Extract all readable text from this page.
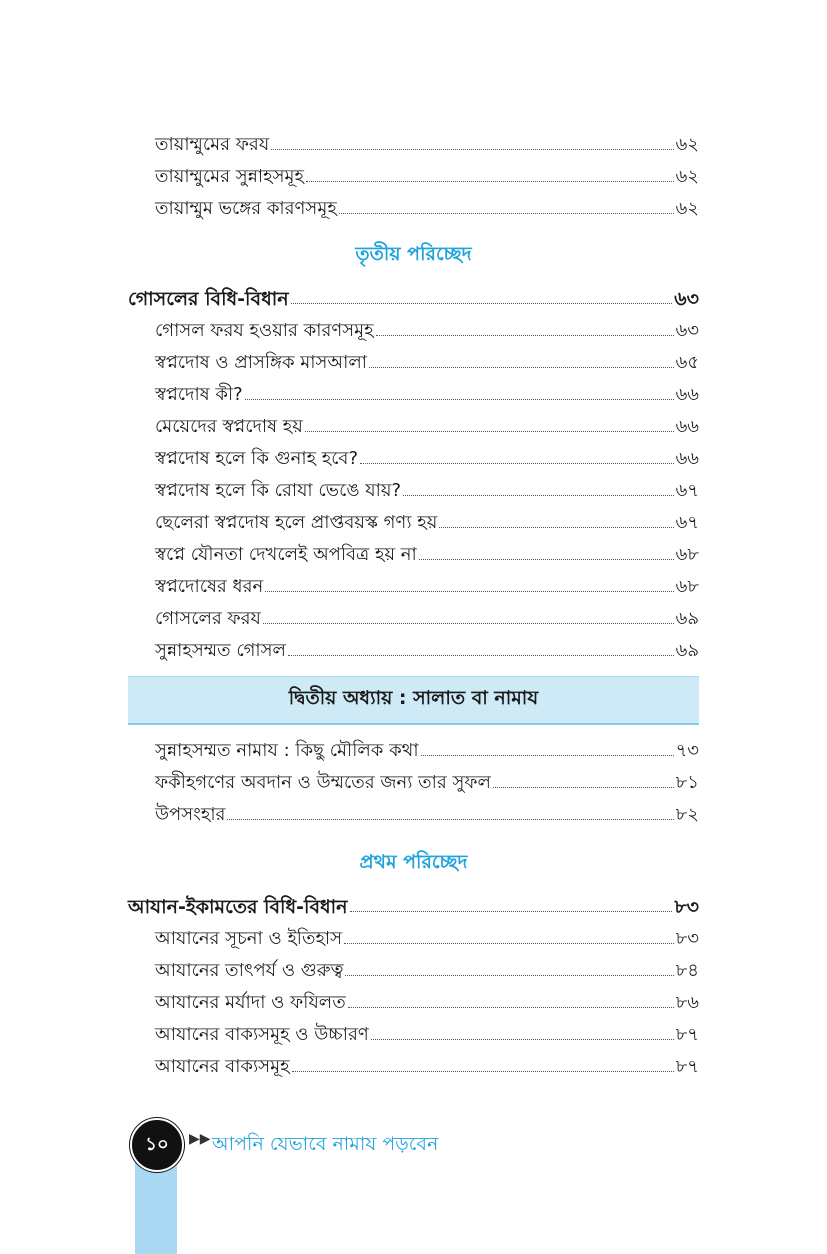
তায়াম্মুমের ফরয	৬২
তায়াম্মুমের সুন্নাহসমূহ	৬২
তায়াম্মুম ভঙ্গের কারণসমূহ	৬২
তৃতীয় পরিচ্ছেদ
গোসলের বিধি-বিধান	৬৩
গোসল ফরয হওয়ার কারণসমূহ	৬৩
স্বপ্নদোষ ও প্রাসঙ্গিক মাসআলা	৬৫
স্বপ্নদোষ কী?	৬৬
মেয়েদের স্বপ্নদোষ হয়	৬৬
স্বপ্নদোষ হলে কি গুনাহ হবে?	৬৬
স্বপ্নদোষ হলে কি রোযা ভেঙে যায়?	৬৭
ছেলেরা স্বপ্নদোষ হলে প্রাপ্তবয়স্ক গণ্য হয়	৬৭
স্বপ্নে যৌনতা দেখলেই অপবিত্র হয় না	৬৮
স্বপ্নদোষের ধরন	৬৮
গোসলের ফরয	৬৯
সুন্নাহসম্মত গোসল	৬৯
দ্বিতীয় অধ্যায় : সালাত বা নামায
সুন্নাহসম্মত নামায : কিছু মৌলিক কথা	৭৩
ফকীহগণের অবদান ও উম্মতের জন্য তার সুফল	৮১
উপসংহার	৮২
প্রথম পরিচ্ছেদ
আযান-ইকামতের বিধি-বিধান	৮৩
আযানের সূচনা ও ইতিহাস	৮৩
আযানের তাৎপর্য ও গুরুত্ব	৮৪
আযানের মর্যাদা ও ফযিলত	৮৬
আযানের বাক্যসমূহ ও উচ্চারণ	৮৭
আযানের বাক্যসমূহ	৮৭
১০ ▶▶ আপনি যেভাবে নামায পড়বেন
